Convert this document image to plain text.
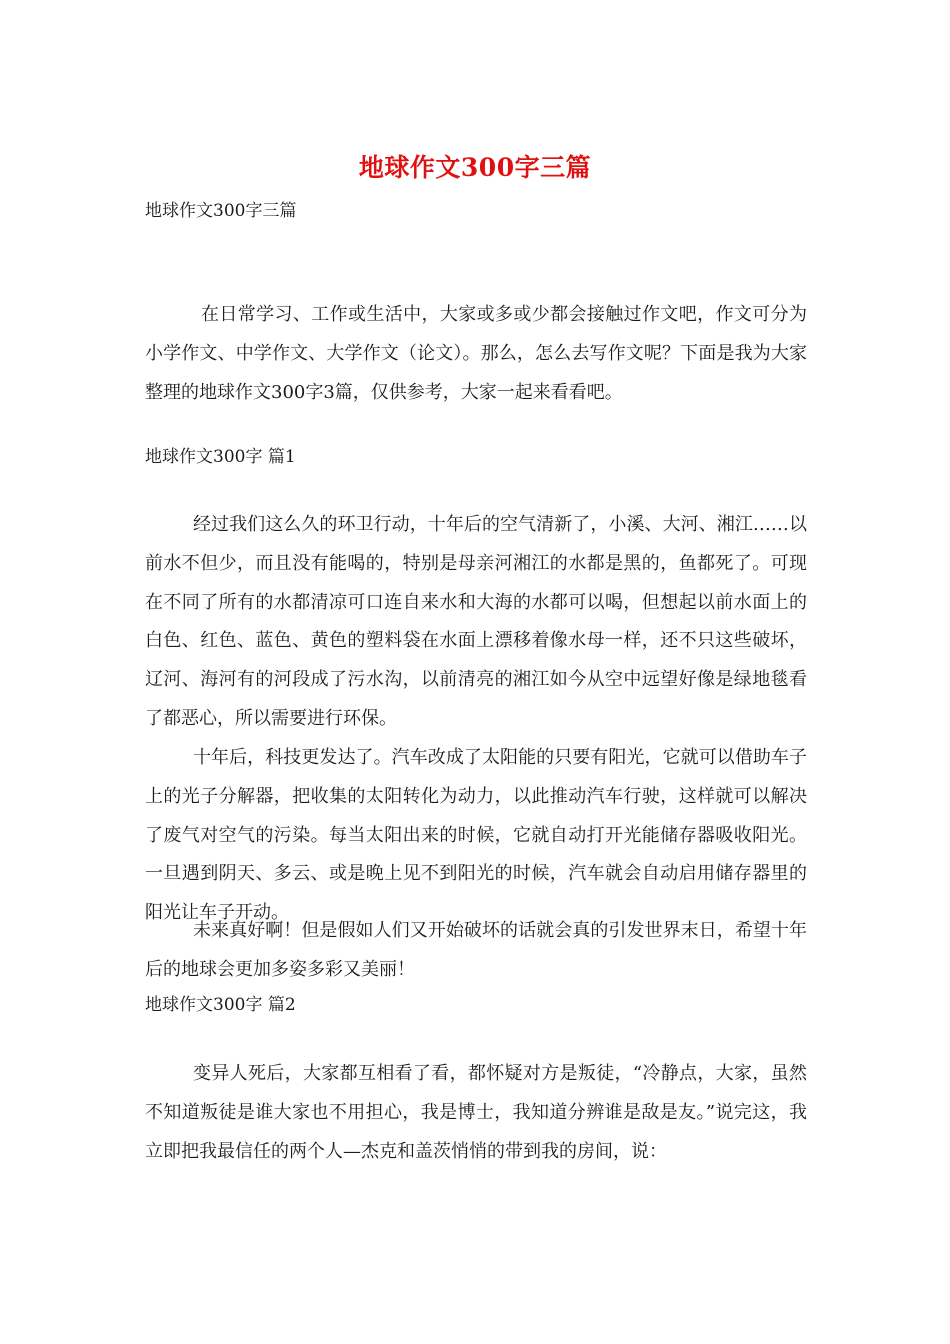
地球作文300字三篇
地球作文300字三篇

在日常学习、工作或生活中，大家或多或少都会接触过作文吧，作文可分为小学作文、中学作文、大学作文（论文）。那么，怎么去写作文呢？下面是我为大家整理的地球作文300字3篇，仅供参考，大家一起来看看吧。

地球作文300字 篇1

经过我们这么久的环卫行动，十年后的空气清新了，小溪、大河、湘江……以前水不但少，而且没有能喝的，特别是母亲河湘江的水都是黑的，鱼都死了。可现在不同了所有的水都清凉可口连自来水和大海的水都可以喝，但想起以前水面上的白色、红色、蓝色、黄色的塑料袋在水面上漂移着像水母一样，还不只这些破坏，辽河、海河有的河段成了污水沟，以前清亮的湘江如今从空中远望好像是绿地毯看了都恶心，所以需要进行环保。

十年后，科技更发达了。汽车改成了太阳能的只要有阳光，它就可以借助车子上的光子分解器，把收集的太阳转化为动力，以此推动汽车行驶，这样就可以解决了废气对空气的污染。每当太阳出来的时候，它就自动打开光能储存器吸收阳光。一旦遇到阴天、多云、或是晚上见不到阳光的时候，汽车就会自动启用储存器里的阳光让车子开动。

未来真好啊！但是假如人们又开始破坏的话就会真的引发世界末日，希望十年后的地球会更加多姿多彩又美丽！

地球作文300字 篇2

变异人死后，大家都互相看了看，都怀疑对方是叛徒，“冷静点，大家，虽然不知道叛徒是谁大家也不用担心，我是博士，我知道分辨谁是敌是友。”说完这，我立即把我最信任的两个人—杰克和盖茨悄悄的带到我的房间，说：
